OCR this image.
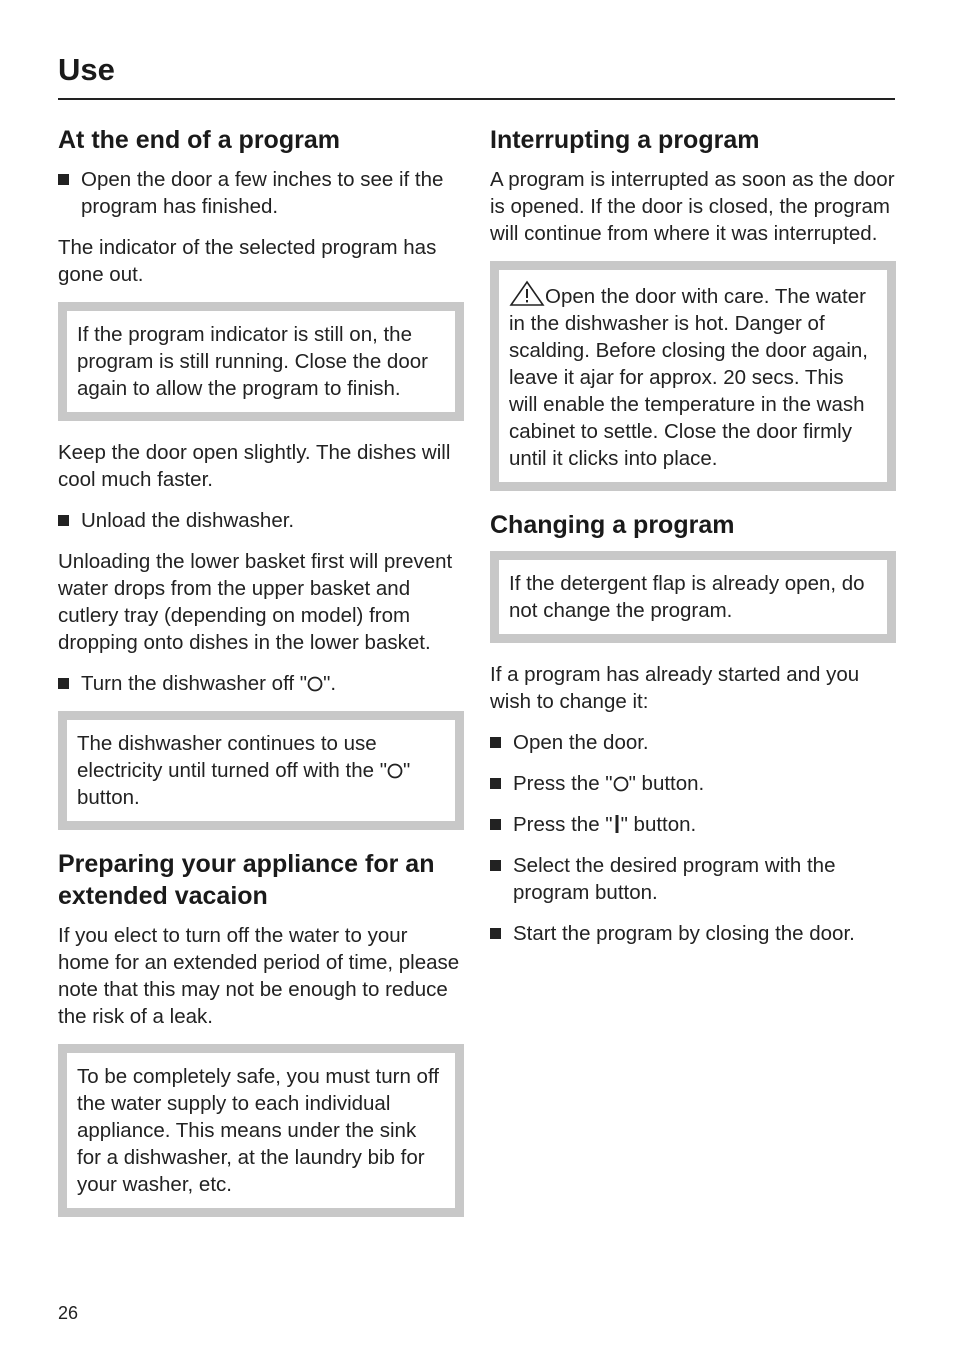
Use
At the end of a program
Open the door a few inches to see if the program has finished.

The indicator of the selected program has gone out.

If the program indicator is still on, the program is still running. Close the door again to allow the program to finish.

Keep the door open slightly. The dishes will cool much faster.

Unload the dishwasher.

Unloading the lower basket first will prevent water drops from the upper basket and cutlery tray (depending on model) from dropping onto dishes in the lower basket.

Turn the dishwasher off " ".
The dishwasher continues to use electricity until turned off with the " " button.
Preparing your appliance for an extended vacaion

If you elect to turn off the water to your home for an extended period of time, please note that this may not be enough to reduce the risk of a leak.

To be completely safe, you must turn off the water supply to each individual appliance. This means under the sink for a dishwasher, at the laundry bib for your washer, etc.
Interrupting a program

A program is interrupted as soon as the door is opened. If the door is closed, the program will continue from where it was interrupted.

Open the door with care. The water in the dishwasher is hot. Danger of scalding. Before closing the door again, leave it ajar for approx. 20 secs. This will enable the temperature in the wash cabinet to settle. Close the door firmly until it clicks into place.
Changing a program
If the detergent flap is already open, do not change the program.

If a program has already started and you wish to change it:

Open the door.
Press the " " button.
Press the " " button.
Select the desired program with the program button.
Start the program by closing the door.
26
